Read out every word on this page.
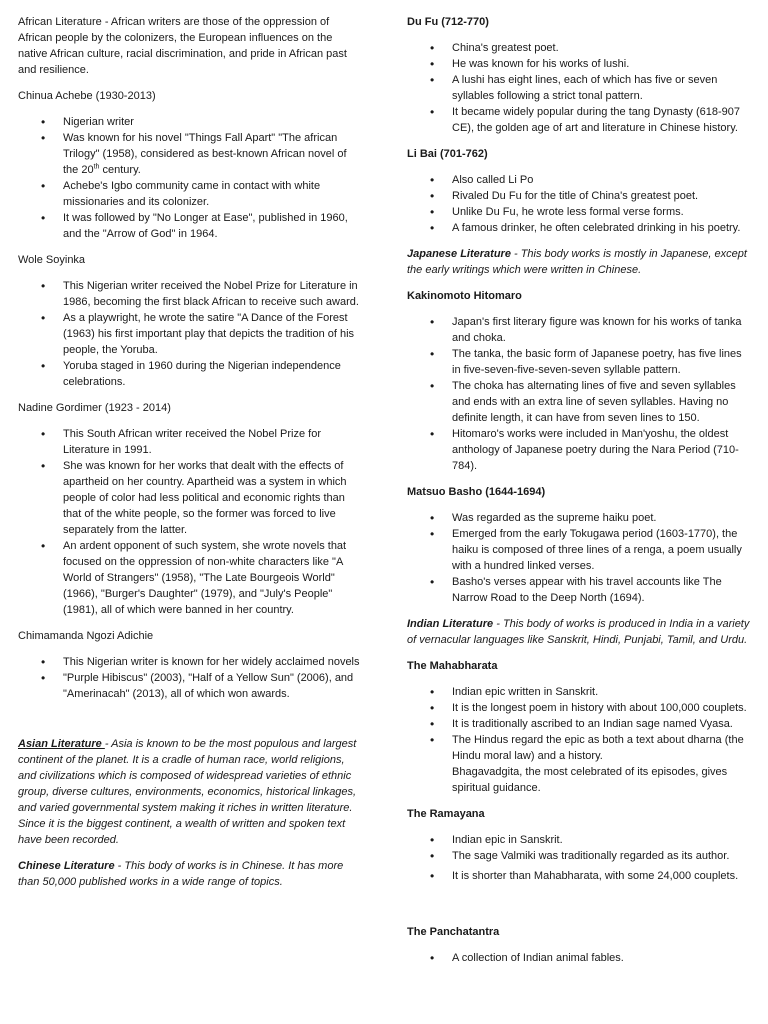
African Literature - African writers are those of the oppression of African people by the colonizers, the European influences on the native African culture, racial discrimination, and pride in African past and resilience.

Chinua Achebe (1930-2013)

• Nigerian writer
• Was known for his novel "Things Fall Apart" "The african Trilogy" (1958), considered as best-known African novel of the 20th century.
• Achebe's Igbo community came in contact with white missionaries and its colonizer.
• It was followed by "No Longer at Ease", published in 1960, and the "Arrow of God" in 1964.

Wole Soyinka

• This Nigerian writer received the Nobel Prize for Literature in 1986, becoming the first black African to receive such award.
• As a playwright, he wrote the satire "A Dance of the Forest (1963) his first important play that depicts the tradition of his people, the Yoruba.
• Yoruba staged in 1960 during the Nigerian independence celebrations.

Nadine Gordimer (1923 - 2014)

• This South African writer received the Nobel Prize for Literature in 1991.
• She was known for her works that dealt with the effects of apartheid on her country. Apartheid was a system in which people of color had less political and economic rights than that of the white people, so the former was forced to live separately from the latter.
• An ardent opponent of such system, she wrote novels that focused on the oppression of non-white characters like "A World of Strangers" (1958), "The Late Bourgeois World" (1966), "Burger's Daughter" (1979), and "July's People" (1981), all of which were banned in her country.

Chimamanda Ngozi Adichie

• This Nigerian writer is known for her widely acclaimed novels
• "Purple Hibiscus" (2003), "Half of a Yellow Sun" (2006), and "Amerinacah" (2013), all of which won awards.

Asian Literature - Asia is known to be the most populous and largest continent of the planet. It is a cradle of human race, world religions, and civilizations which is composed of widespread varieties of ethnic group, diverse cultures, environments, economics, historical linkages, and varied governmental system making it riches in written literature. Since it is the biggest continent, a wealth of written and spoken text have been recorded.

Chinese Literature - This body of works is in Chinese. It has more than 50,000 published works in a wide range of topics.

Du Fu (712-770)
• China's greatest poet.
• He was known for his works of lushi.
• A lushi has eight lines, each of which has five or seven syllables following a strict tonal pattern.
• It became widely popular during the tang Dynasty (618-907 CE), the golden age of art and literature in Chinese history.
Li Bai (701-762)
• Also called Li Po
• Rivaled Du Fu for the title of China's greatest poet.
• Unlike Du Fu, he wrote less formal verse forms.
• A famous drinker, he often celebrated drinking in his poetry.

Japanese Literature - This body works is mostly in Japanese, except the early writings which were written in Chinese.

Kakinomoto Hitomaro
• Japan's first literary figure was known for his works of tanka and choka.
• The tanka, the basic form of Japanese poetry, has five lines in five-seven-five-seven-seven syllable pattern.
• The choka has alternating lines of five and seven syllables and ends with an extra line of seven syllables. Having no definite length, it can have from seven lines to 150.
• Hitomaro's works were included in Man'yoshu, the oldest anthology of Japanese poetry during the Nara Period (710-784).
Matsuo Basho (1644-1694)
• Was regarded as the supreme haiku poet.
• Emerged from the early Tokugawa period (1603-1770), the haiku is composed of three lines of a renga, a poem usually with a hundred linked verses.
• Basho's verses appear with his travel accounts like The Narrow Road to the Deep North (1694).

Indian Literature - This body of works is produced in India in a variety of vernacular languages like Sanskrit, Hindi, Punjabi, Tamil, and Urdu.

The Mahabharata
• Indian epic written in Sanskrit.
• It is the longest poem in history with about 100,000 couplets.
• It is traditionally ascribed to an Indian sage named Vyasa.
• The Hindus regard the epic as both a text about dharna (the Hindu moral law) and a history.
Bhagavadgita, the most celebrated of its episodes, gives spiritual guidance.
The Ramayana
• Indian epic in Sanskrit.
• The sage Valmiki was traditionally regarded as its author.
• It is shorter than Mahabharata, with some 24,000 couplets.
The Panchatantra
• A collection of Indian animal fables.
